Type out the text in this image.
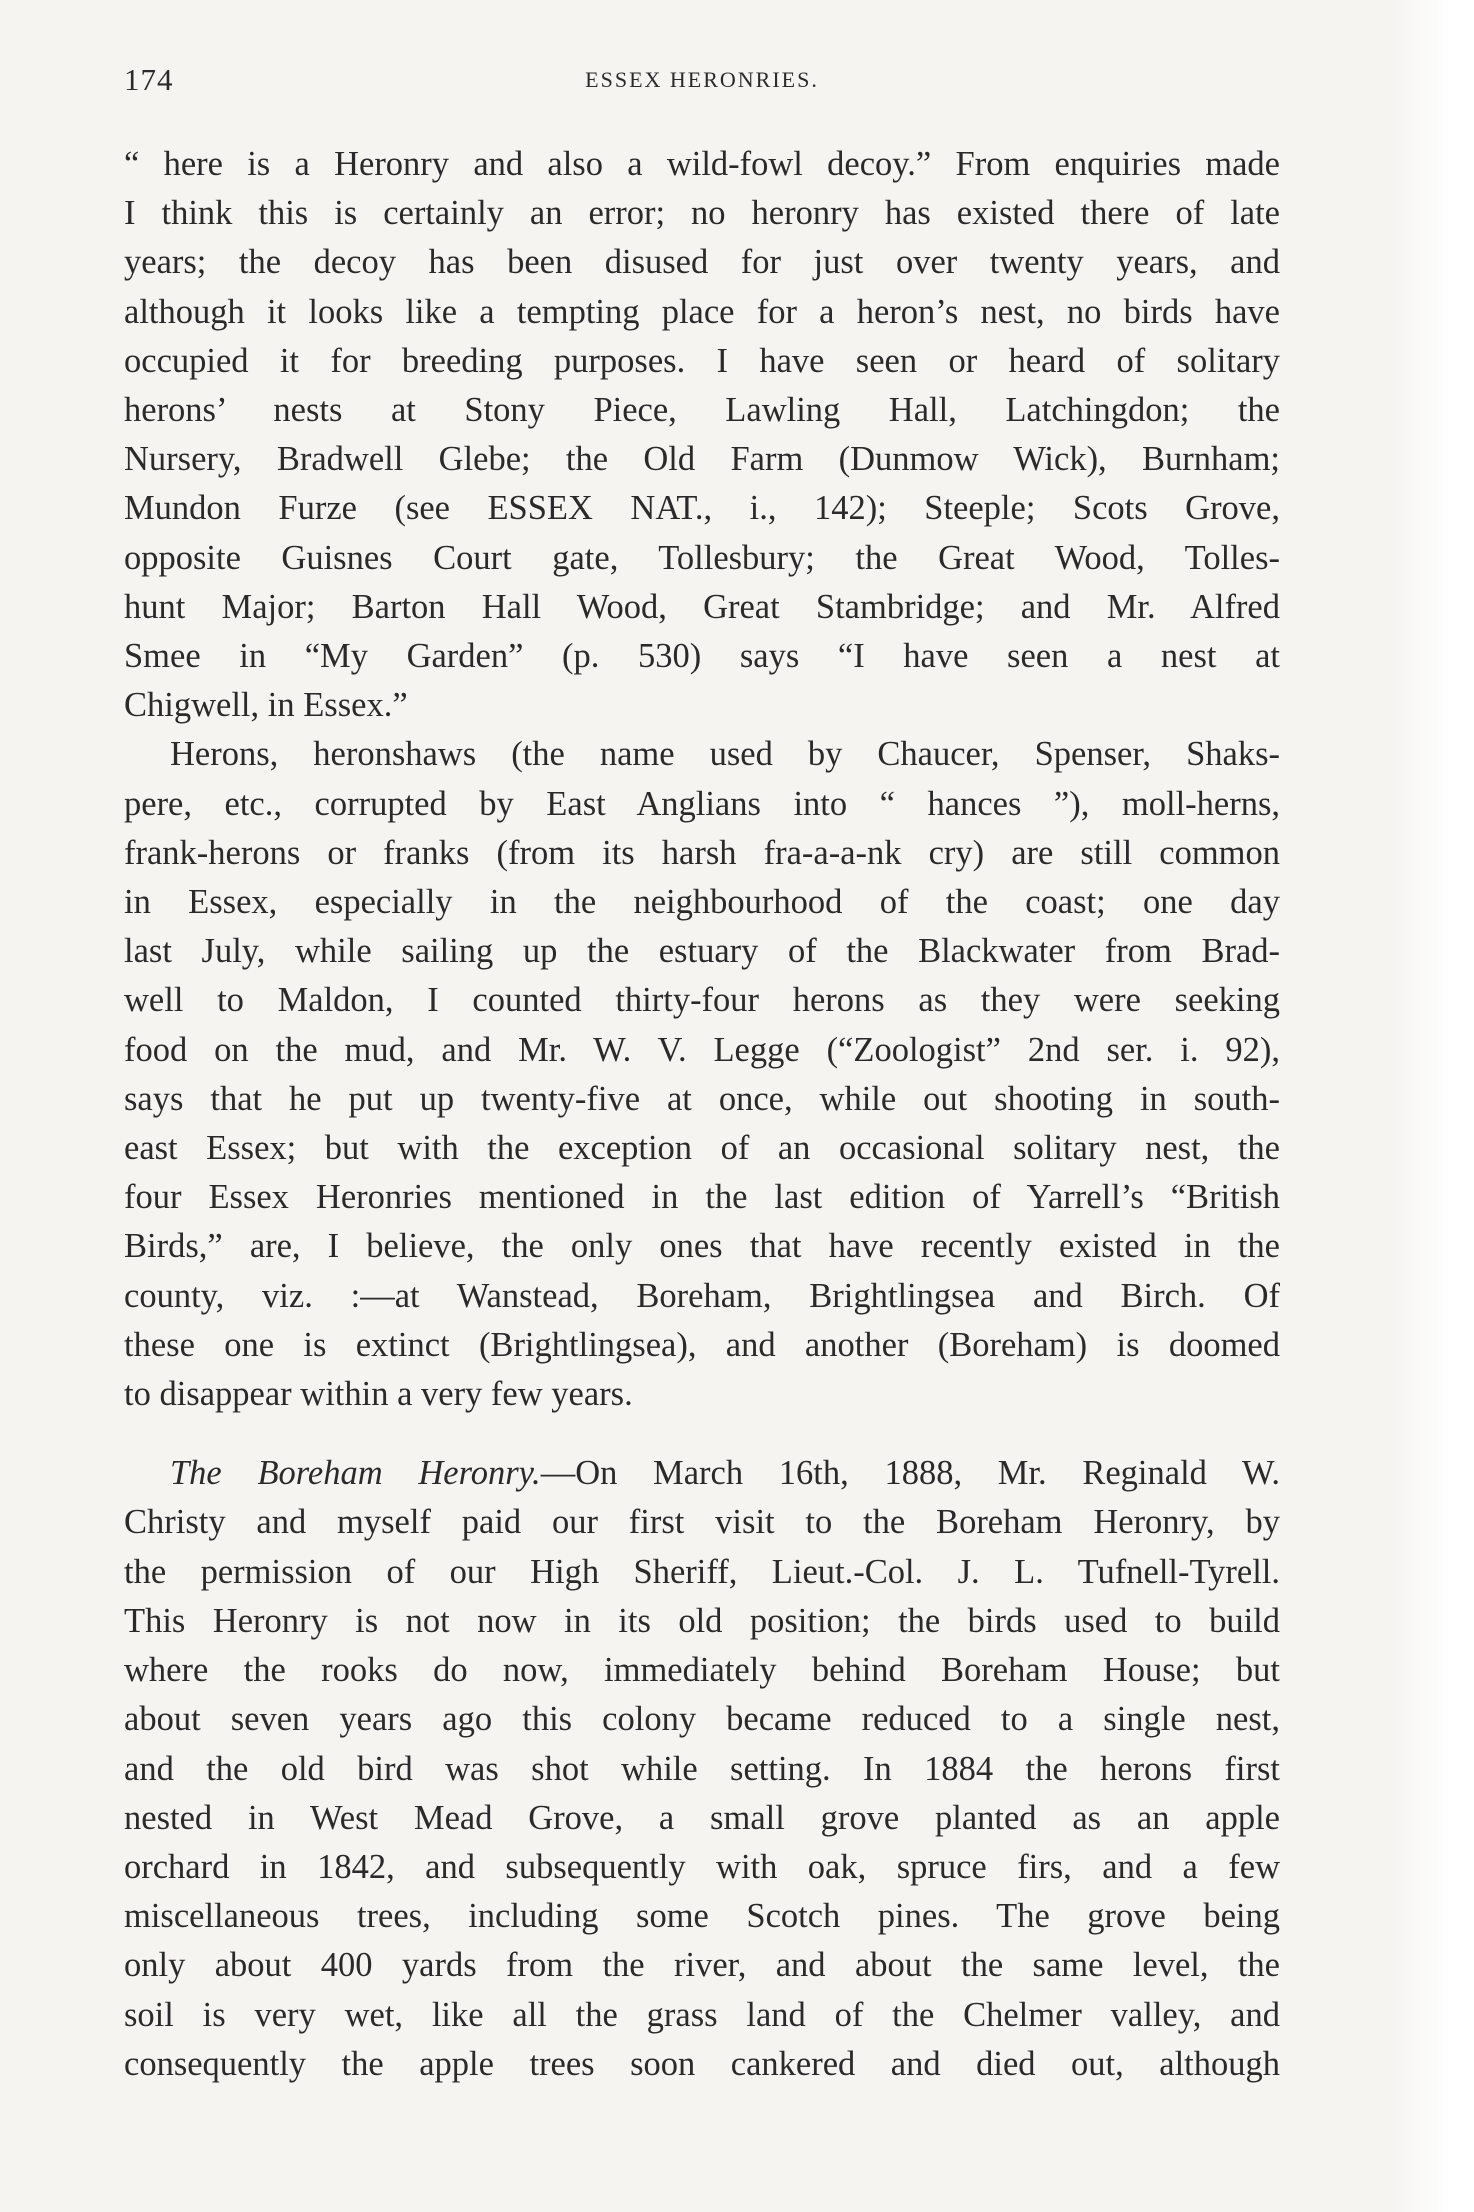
174	ESSEX HERONRIES.

“ here is a Heronry and also a wild-fowl decoy.” From enquiries made
I think this is certainly an error; no heronry has existed there of late
years; the decoy has been disused for just over twenty years, and
although it looks like a tempting place for a heron’s nest, no birds have
occupied it for breeding purposes. I have seen or heard of solitary
herons’ nests at Stony Piece, Lawling Hall, Latchingdon; the
Nursery, Bradwell Glebe; the Old Farm (Dunmow Wick), Burnham;
Mundon Furze (see ESSEX NAT., i., 142); Steeple; Scots Grove,
opposite Guisnes Court gate, Tollesbury; the Great Wood, Tolles-
hunt Major; Barton Hall Wood, Great Stambridge; and Mr. Alfred
Smee in “My Garden” (p. 530) says “I have seen a nest at
Chigwell, in Essex.”

Herons, heronshaws (the name used by Chaucer, Spenser, Shaks-
pere, etc., corrupted by East Anglians into “ hances ”), moll-herns,
frank-herons or franks (from its harsh fra-a-a-nk cry) are still common
in Essex, especially in the neighbourhood of the coast; one day
last July, while sailing up the estuary of the Blackwater from Brad-
well to Maldon, I counted thirty-four herons as they were seeking
food on the mud, and Mr. W. V. Legge (“Zoologist” 2nd ser. i. 92),
says that he put up twenty-five at once, while out shooting in south-
east Essex; but with the exception of an occasional solitary nest, the
four Essex Heronries mentioned in the last edition of Yarrell’s “British
Birds,” are, I believe, the only ones that have recently existed in the
county, viz. :—at Wanstead, Boreham, Brightlingsea and Birch. Of
these one is extinct (Brightlingsea), and another (Boreham) is doomed
to disappear within a very few years.

The Boreham Heronry.—On March 16th, 1888, Mr. Reginald W.
Christy and myself paid our first visit to the Boreham Heronry, by
the permission of our High Sheriff, Lieut.-Col. J. L. Tufnell-Tyrell.
This Heronry is not now in its old position; the birds used to build
where the rooks do now, immediately behind Boreham House; but
about seven years ago this colony became reduced to a single nest,
and the old bird was shot while setting. In 1884 the herons first
nested in West Mead Grove, a small grove planted as an apple
orchard in 1842, and subsequently with oak, spruce firs, and a few
miscellaneous trees, including some Scotch pines. The grove being
only about 400 yards from the river, and about the same level, the
soil is very wet, like all the grass land of the Chelmer valley, and
consequently the apple trees soon cankered and died out, although
